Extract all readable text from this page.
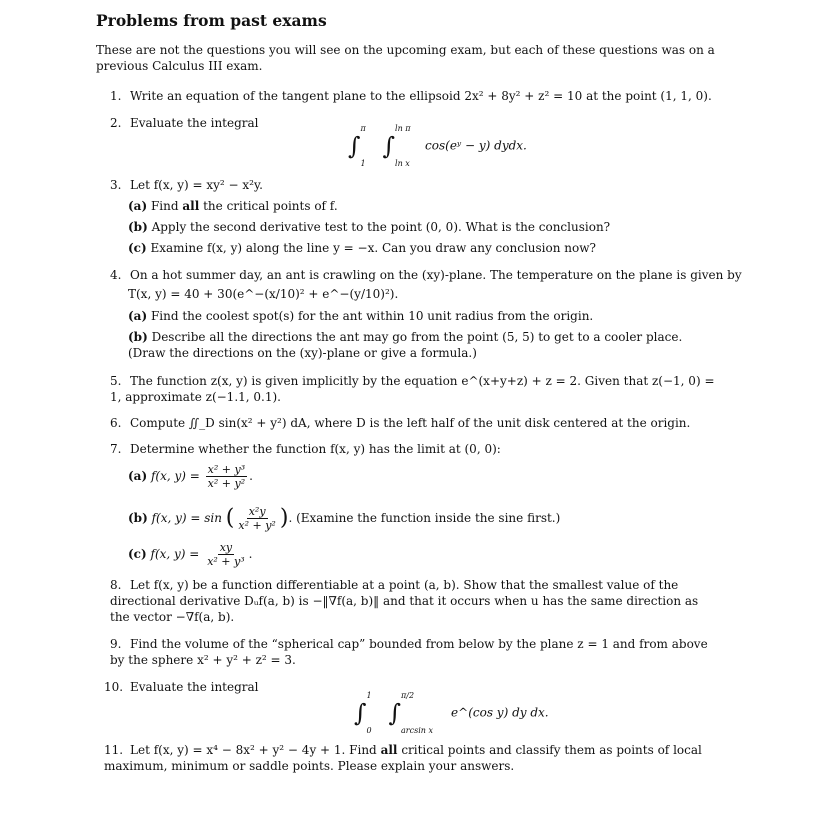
Problems from past exams

These are not the questions you will see on the upcoming exam, but each of these questions was on a previous Calculus III exam.

1. Write an equation of the tangent plane to the ellipsoid 2x² + 8y² + z² = 10 at the point (1, 1, 0).
2. Evaluate the integral
∫
π
1
∫
ln π
ln x
cos(eʸ − y) dydx.
3. Let f(x, y) = xy² − x²y.
(a) Find all the critical points of f.
(b) Apply the second derivative test to the point (0, 0). What is the conclusion?
(c) Examine f(x, y) along the line y = −x. Can you draw any conclusion now?
4. On a hot summer day, an ant is crawling on the (xy)-plane. The temperature on the plane is given by
T(x, y) = 40 + 30(e^−(x/10)² + e^−(y/10)²).
(a) Find the coolest spot(s) for the ant within 10 unit radius from the origin.
(b) Describe all the directions the ant may go from the point (5, 5) to get to a cooler place. (Draw the directions on the (xy)-plane or give a formula.)
5. The function z(x, y) is given implicitly by the equation e^(x+y+z) + z = 2. Given that z(−1, 0) = 1, approximate z(−1.1, 0.1).
6. Compute ∬_D sin(x² + y²) dA, where D is the left half of the unit disk centered at the origin.
7. Determine whether the function f(x, y) has the limit at (0, 0):
(a) f(x, $y) = \frac{\text{x² + y³}}{\text{x² + y²}}$ .
(b) f(x, y) = sin ( $\frac{\text{x²y}}{\text{x² + y²}}$ ). (Examine the function inside the sine first.)
(c) f(x, $y) = \frac{xy}{\text{x² + y³}}$ .
8. Let f(x, y) be a function differentiable at a point (a, b). Show that the smallest value of the directional derivative Dᵤf(a, b) is −‖∇f(a, b)‖ and that it occurs when u has the same direction as the vector −∇f(a, b).
9. Find the volume of the “spherical cap” bounded from below by the plane z = 1 and from above by the sphere x² + y² + z² = 3.
10. Evaluate the integral
∫
1
0
∫
π/2
arcsin x
e^(cos y) dy dx.
11. Let f(x, y) = x⁴ − 8x² + y² − 4y + 1. Find all critical points and classify them as points of local maximum, minimum or saddle points. Please explain your answers.
